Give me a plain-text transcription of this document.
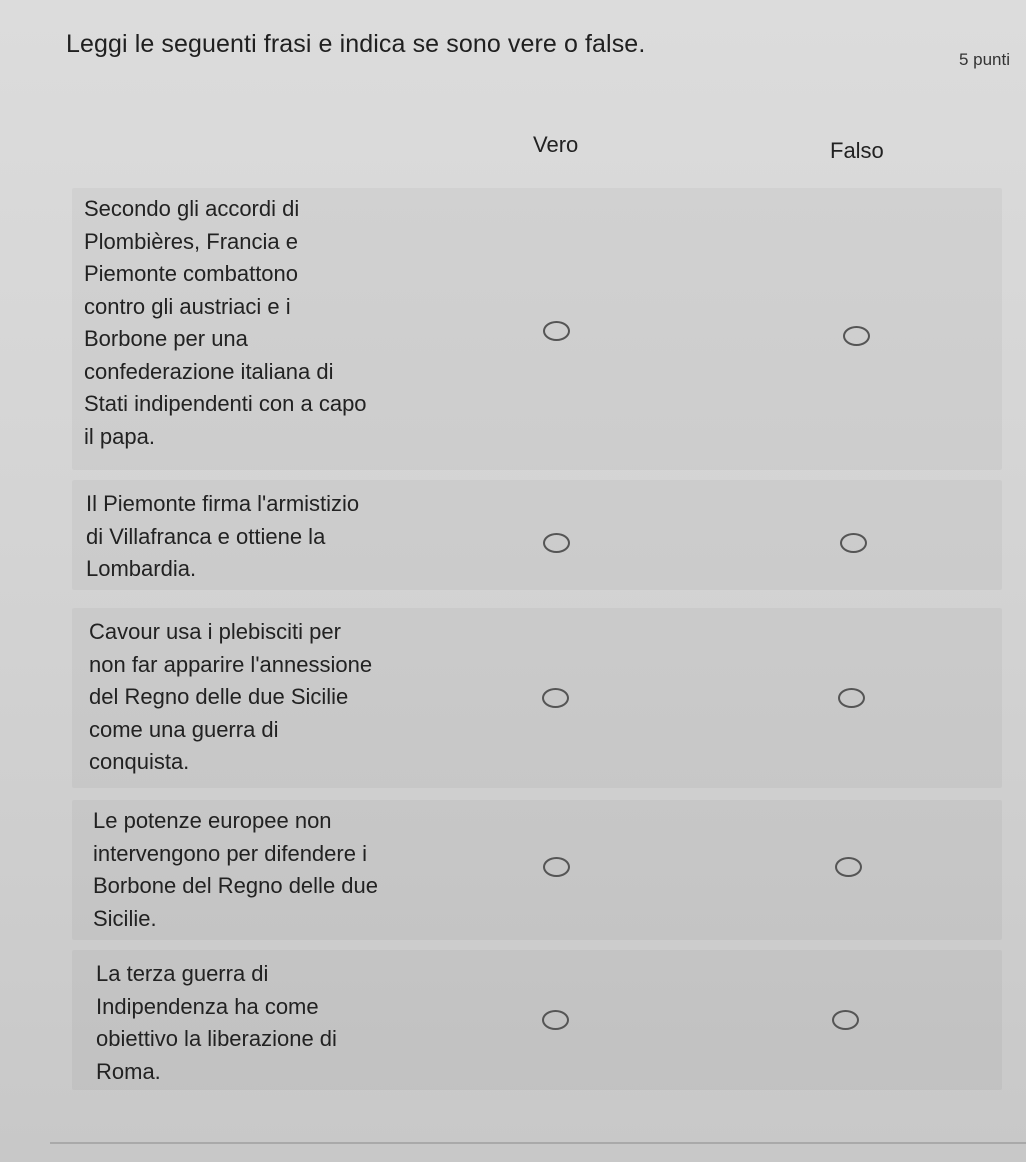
Leggi le seguenti frasi e indica se sono vere o false.
5 punti
Vero	Falso
Secondo gli accordi di
Plombières, Francia e
Piemonte combattono
contro gli austriaci e i
Borbone per una
confederazione italiana di
Stati indipendenti con a capo
il papa.
Il Piemonte firma l'armistizio
di Villafranca e ottiene la
Lombardia.
Cavour usa i plebisciti per
non far apparire l'annessione
del Regno delle due Sicilie
come una guerra di
conquista.
Le potenze europee non
intervengono per difendere i
Borbone del Regno delle due
Sicilie.
La terza guerra di
Indipendenza ha come
obiettivo la liberazione di
Roma.
